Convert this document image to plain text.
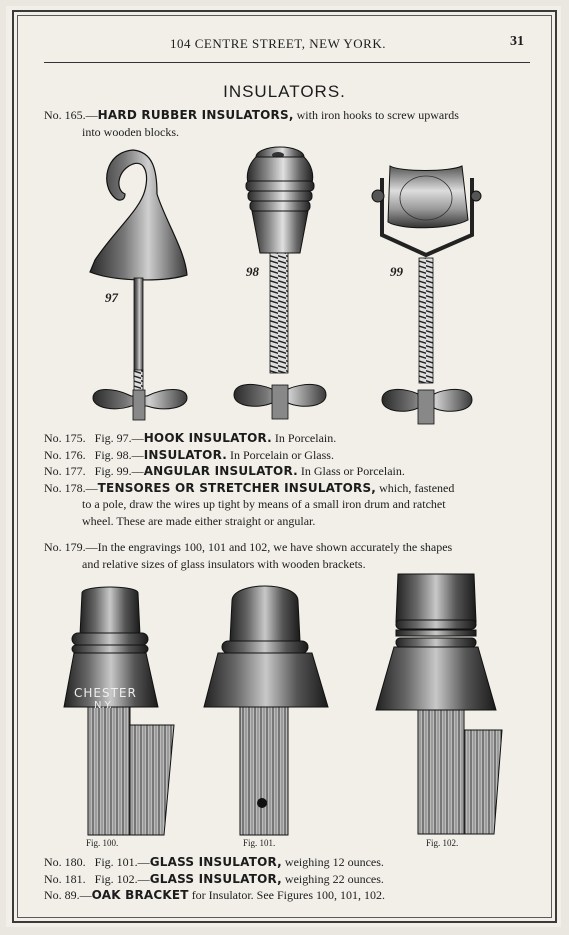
104 CENTRE STREET, NEW YORK.	31
INSULATORS.
No. 165.—HARD RUBBER INSULATORS, with iron hooks to screw upwards
into wooden blocks.
97
98	99
No. 175. Fig. 97.—HOOK INSULATOR. In Porcelain.
No. 176. Fig. 98.—INSULATOR. In Porcelain or Glass.
No. 177. Fig. 99.—ANGULAR INSULATOR. In Glass or Porcelain.
No. 178.—TENSORES OR STRETCHER INSULATORS, which, fastened
to a pole, draw the wires up tight by means of a small iron drum and ratchet
wheel. These are made either straight or angular.
No. 179.—In the engravings 100, 101 and 102, we have shown accurately the shapes
and relative sizes of glass insulators with wooden brackets.
CHESTER
N.Y.
Fig. 100.	Fig. 101.	Fig. 102.
No. 180. Fig. 101.—GLASS INSULATOR, weighing 12 ounces.
No. 181. Fig. 102.—GLASS INSULATOR, weighing 22 ounces.
No. 89.—OAK BRACKET for Insulator. See Figures 100, 101, 102.
